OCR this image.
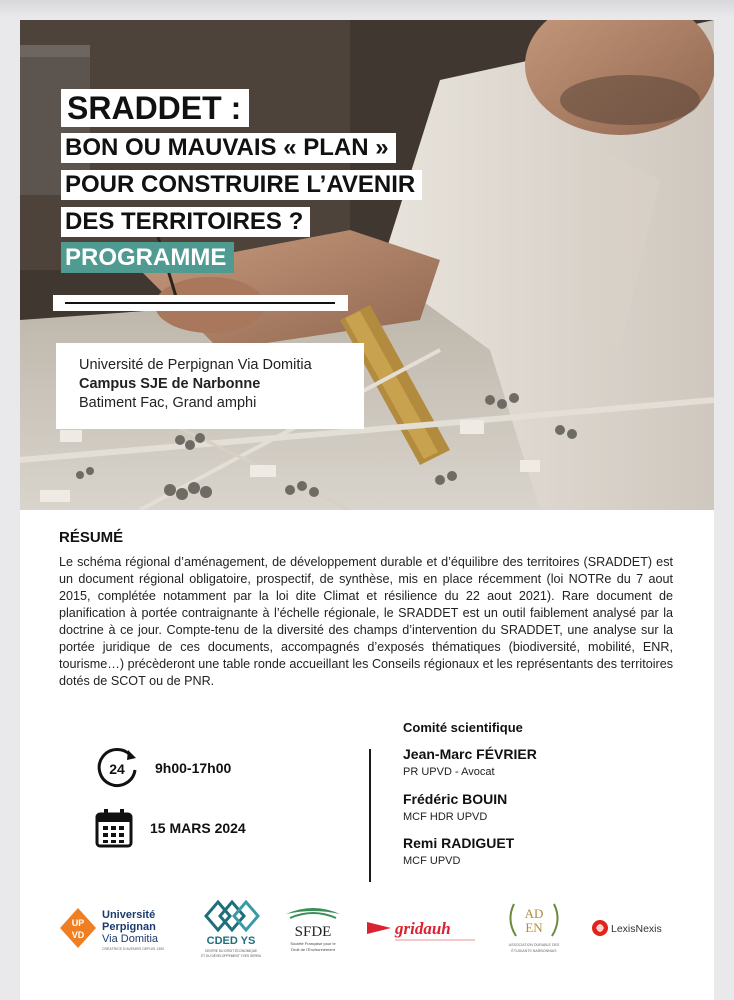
SRADDET :
BON OU MAUVAIS « PLAN »
POUR CONSTRUIRE L’AVENIR
DES TERRITOIRES ?
PROGRAMME
Université de Perpignan Via Domitia
Campus SJE de Narbonne
Batiment Fac, Grand amphi
RÉSUMÉ
Le schéma régional d’aménagement, de développement durable et d’équilibre des territoires (SRADDET) est un document régional obligatoire, prospectif, de synthèse, mis en place récemment (loi NOTRe du 7 aout 2015, complétée notamment par la loi dite Climat et résilience du 22 aout 2021). Rare document de planification à portée contraignante à l’échelle régionale, le SRADDET est un outil faiblement analysé par la doctrine à ce jour. Compte-tenu de la diversité des champs d’intervention du SRADDET, une analyse sur la portée juridique de ces documents, accompagnés d’exposés thématiques (biodiversité, mobilité, ENR, tourisme…) précèderont une table ronde accueillant les Conseils régionaux et les représentants des territoires dotés de SCOT ou de PNR.
24 9h00-17h00
15 MARS 2024
Comité scientifique
Jean-Marc FÉVRIER
PR UPVD - Avocat
Frédéric BOUIN
MCF HDR UPVD
Remi RADIGUET
MCF UPVD
UP
VD
Université
Perpignan
Via Domitia
CRÉATRICE D’AVENIRS DEPUIS 1350
CDED YS
CENTRE DU DROIT ÉCONOMIQUE
ET DU DÉVELOPPEMENT YVES SERRA
SFDE
Société Française pour le
Droit de l’Environnement
gridauh
AD
EN
ASSOCIATION DURABLE DES
ÉTUDIANTS NARBONNAIS
LexisNexis
